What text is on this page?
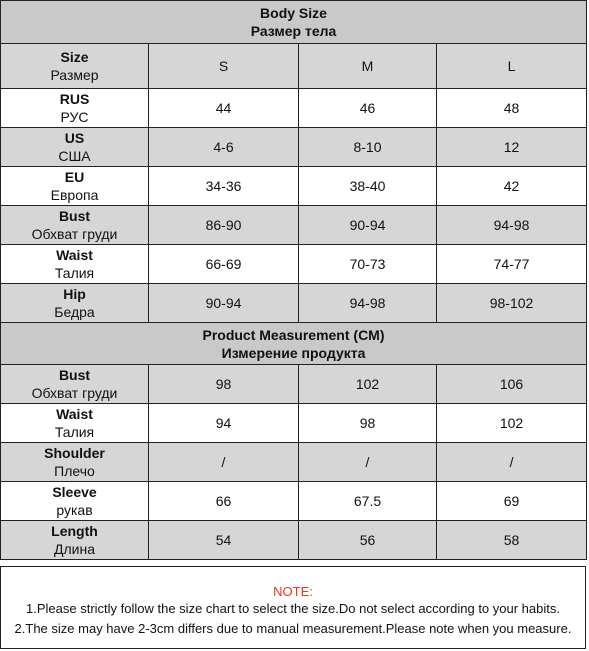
Body Size
Размер тела			

Size
Размер	S	M	L

RUS
РУС	44	46	48

US
США	4-6	8-10	12

EU
Европа	34-36	38-40	42

Bust
Обхват груди	86-90	90-94	94-98

Waist
Талия	66-69	70-73	74-77

Hip
Бедра	90-94	94-98	98-102

Product Measurement (CM)
Измерение продукта			

Bust
Обхват груди	98	102	106

Waist
Талия	94	98	102

Shoulder
Плечо	/	/	/

Sleeve
рукав	66	67.5	69

Length
Длина	54	56	58
NOTE:
1.Please strictly follow the size chart to select the size.Do not select according to your habits.
2.The size may have 2-3cm differs due to manual measurement.Please note when you measure.
